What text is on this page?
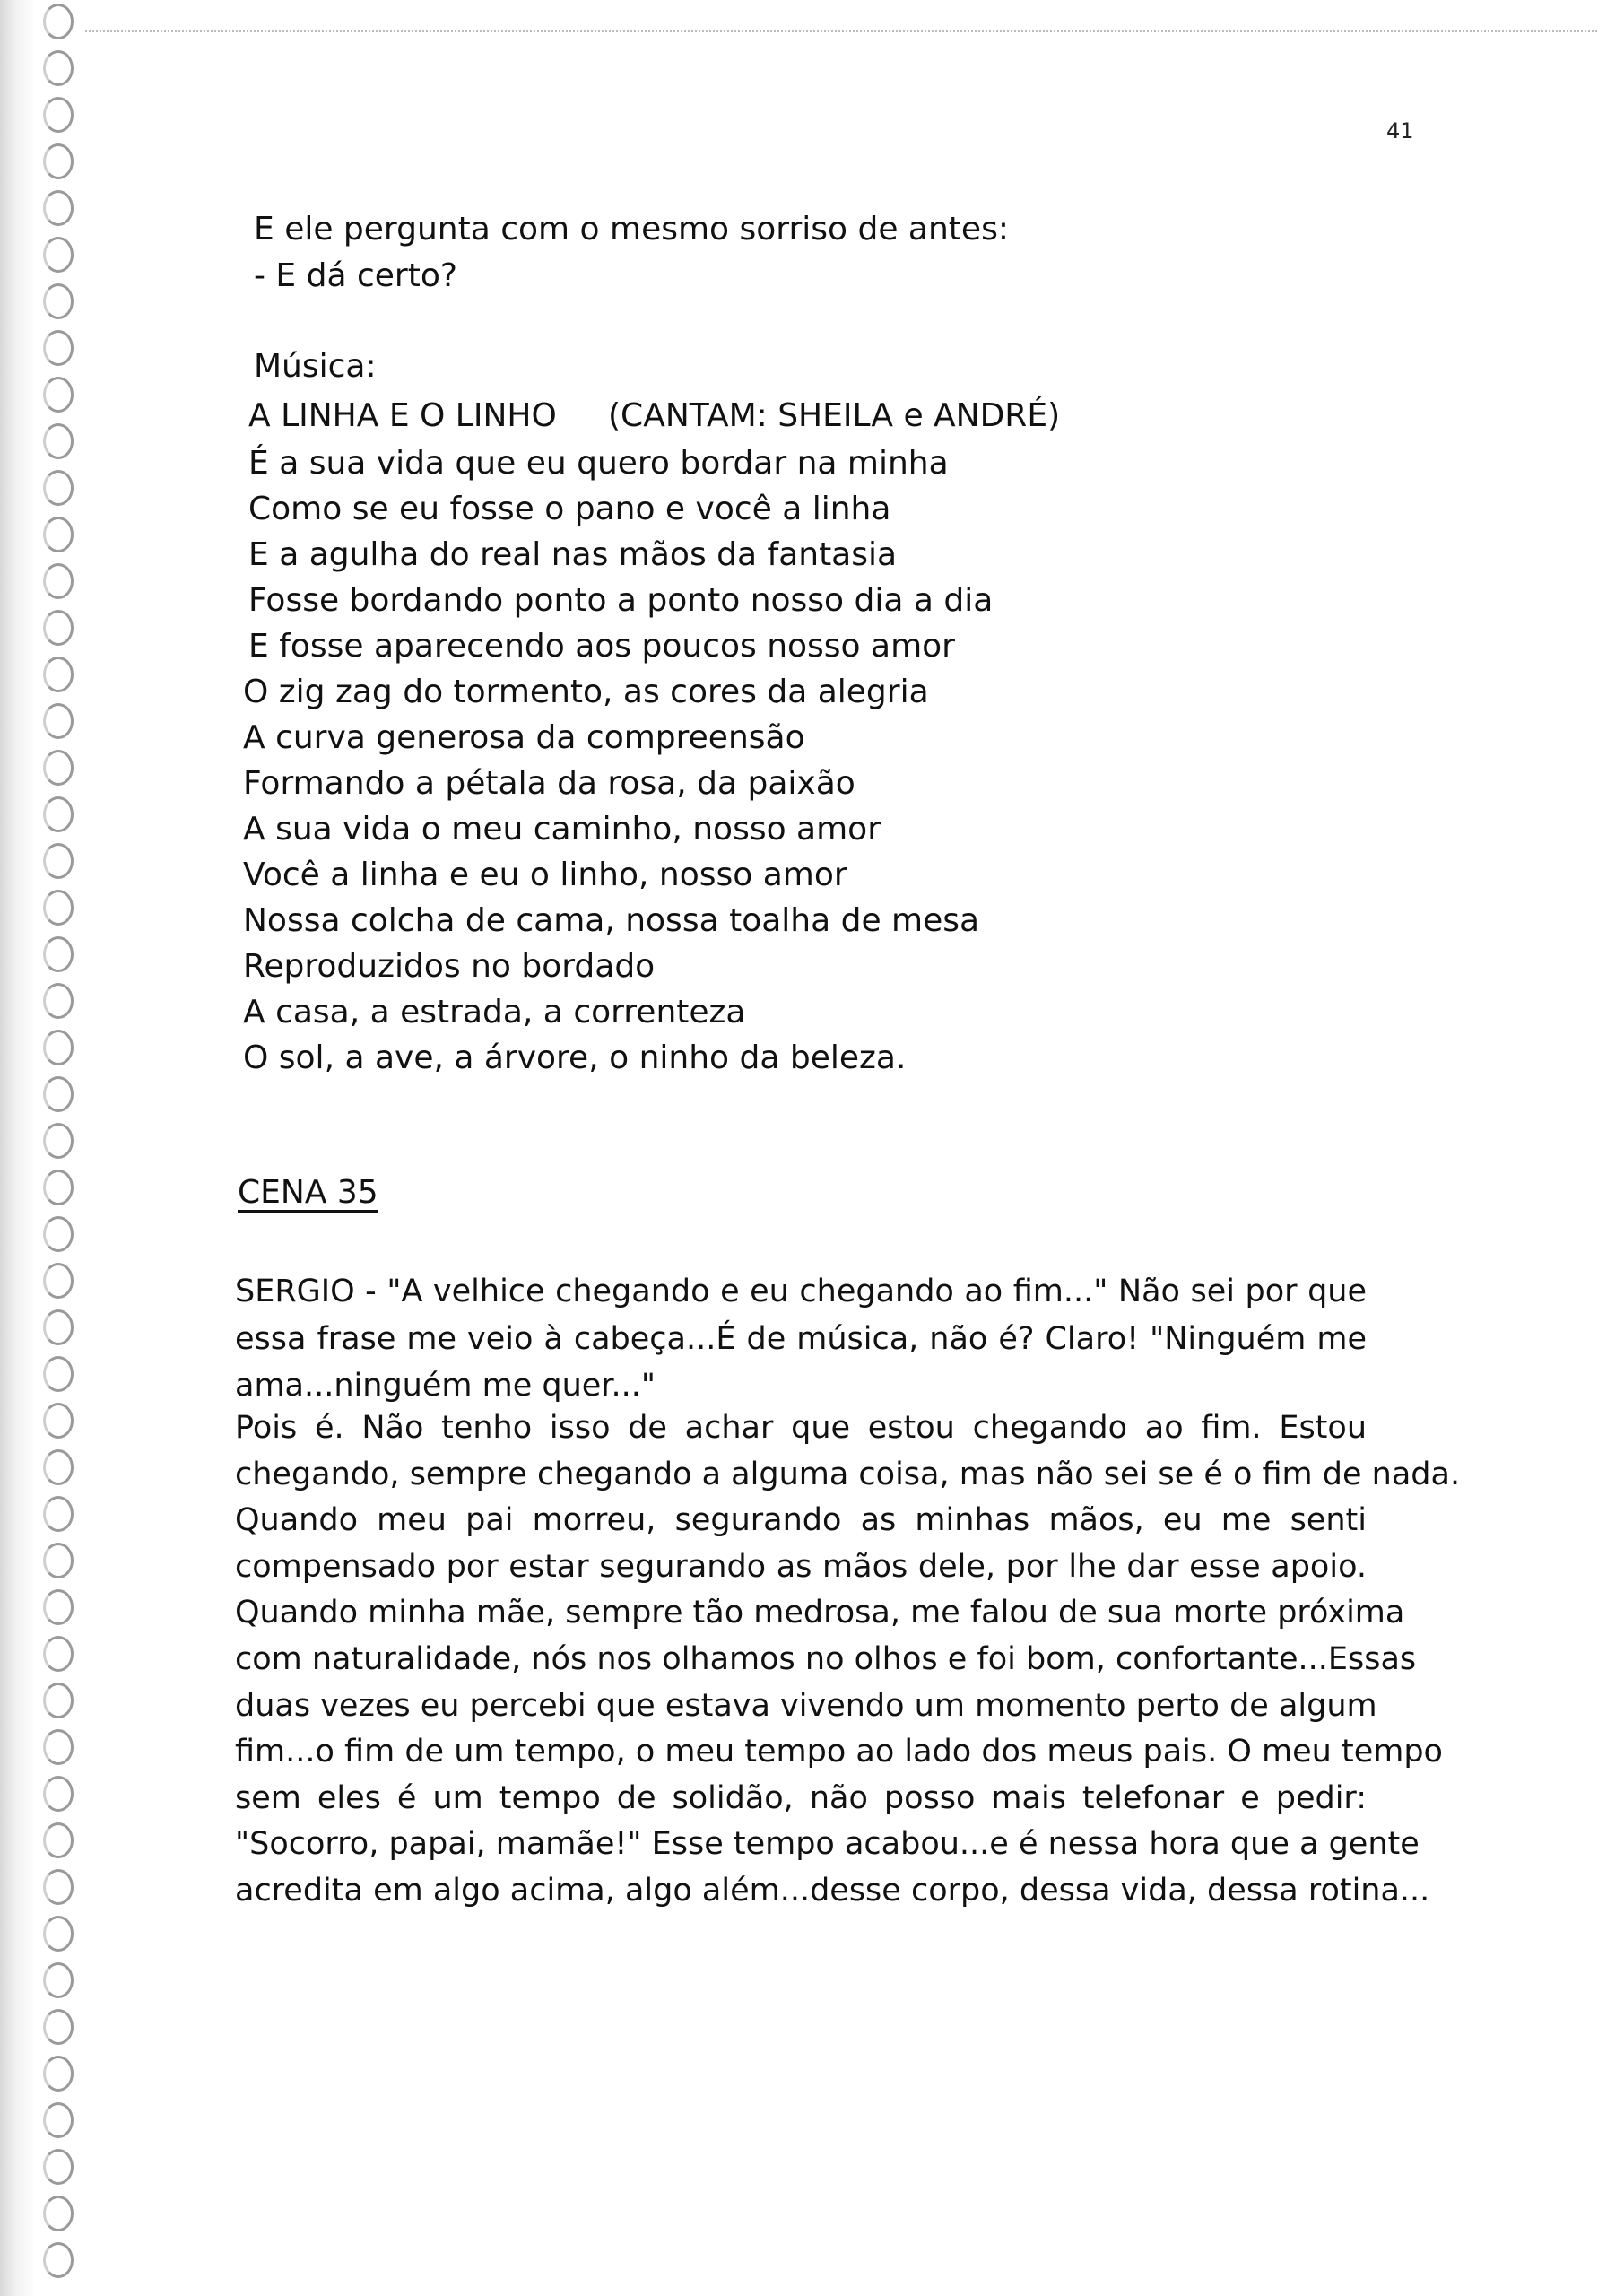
41
E ele pergunta com o mesmo sorriso de antes:
- E dá certo?
Música:
A LINHA E O LINHO     (CANTAM: SHEILA e ANDRÉ)
É a sua vida que eu quero bordar na minha
Como se eu fosse o pano e você a linha
E a agulha do real nas mãos da fantasia
Fosse bordando ponto a ponto nosso dia a dia
E fosse aparecendo aos poucos nosso amor
O zig zag do tormento, as cores da alegria
A curva generosa da compreensão
Formando a pétala da rosa, da paixão
A sua vida o meu caminho, nosso amor
Você a linha e eu o linho, nosso amor
Nossa colcha de cama, nossa toalha de mesa
Reproduzidos no bordado
A casa, a estrada, a correnteza
O sol, a ave, a árvore, o ninho da beleza.
CENA 35
SERGIO - "A velhice chegando e eu chegando ao fim..." Não sei por que
essa frase me veio à cabeça...É de música, não é? Claro! "Ninguém me
ama...ninguém me quer..."
Pois é. Não tenho isso de achar que estou chegando ao fim. Estou
chegando, sempre chegando a alguma coisa, mas não sei se é o fim de nada.
Quando meu pai morreu, segurando as minhas mãos, eu me senti
compensado por estar segurando as mãos dele, por lhe dar esse apoio.
Quando minha mãe, sempre tão medrosa, me falou de sua morte próxima
com naturalidade, nós nos olhamos no olhos e foi bom, confortante...Essas
duas vezes eu percebi que estava vivendo um momento perto de algum
fim...o fim de um tempo, o meu tempo ao lado dos meus pais. O meu tempo
sem eles é um tempo de solidão, não posso mais telefonar e pedir:
"Socorro, papai, mamãe!" Esse tempo acabou...e é nessa hora que a gente
acredita em algo acima, algo além...desse corpo, dessa vida, dessa rotina...
